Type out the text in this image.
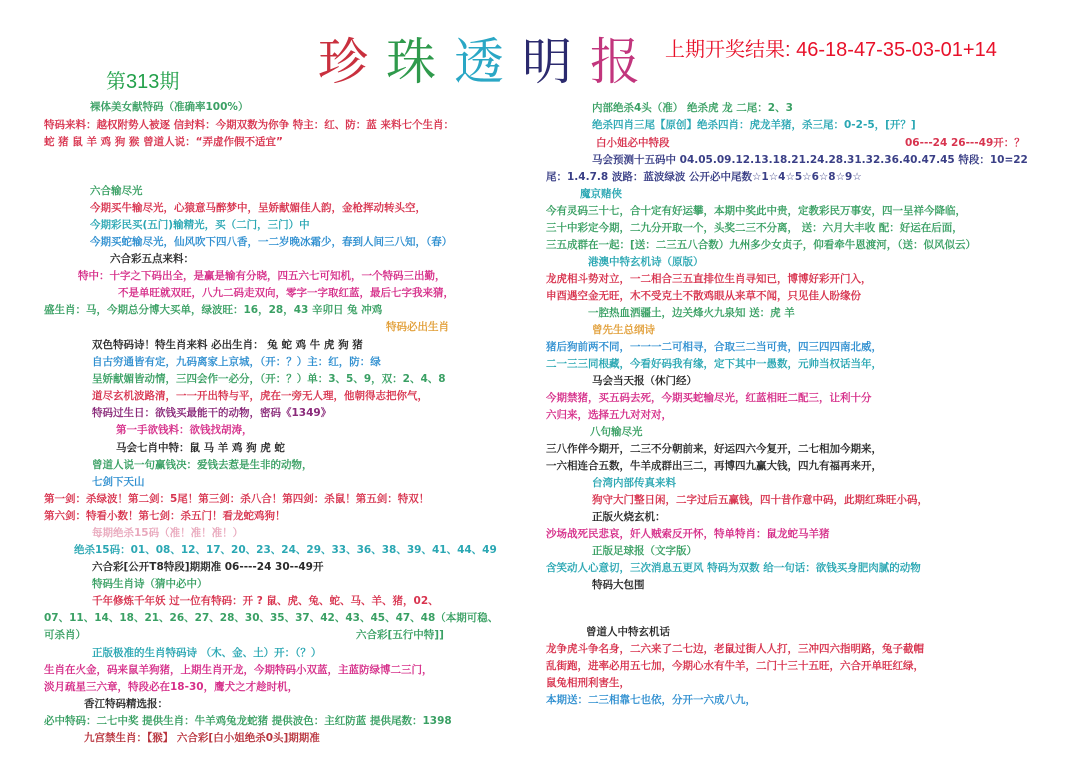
珍珠透明报 上期开奖结果: 46-18-47-35-03-01+14
第313期
裸体美女献特码（准确率100%）
特码来料：越权附势人被逐 信封料：今期双数为你争 特主：红、防：蓝 来料七个生肖：
蛇 猪 鼠 羊 鸡 狗 猴 曾道人说：“弄虚作假不适宜”
六合输尽光
今期买牛输尽光，心猿意马醉梦中，呈娇献媚佳人韵，金枪挥动转头空，
今期彩民买(五门)输精光，买（二门，三门）中
今期买蛇输尽光，仙风吹下四八香，一二岁晚冰霜少，春到人间三八知，（春）
六合彩五点来料：
特中：十字之下码出全，是赢是输有分晓，四五六七可知机，一个特码三出勤，
不是单旺就双旺，八九二码走双向，零字一字取红蓝，最后七字我来猜，
盛生肖：马，今期总分博大买单，绿波旺：16，28，43 辛卯日 兔 冲鸡
特码必出生肖
双色特码诗！特生肖来料 必出生肖： 兔 蛇 鸡 牛 虎 狗 猪
自古穷通皆有定，九码离家上京城，（开：？）主：红，防：绿
呈娇献媚皆动情，三四会作一必分，（开：？）单：3、5、9，双：2、4、8
道尽玄机波路清，一一开出特与平，虎在一旁无人理，他朝得志把你气，
特码过生日：欲钱买最能干的动物，密码《1349》
第一手欲钱料：欲钱找胡涛，
马会七肖中特：鼠 马 羊 鸡 狗 虎 蛇
曾道人说一句赢钱决：爱钱去惹是生非的动物，
七剑下天山
第一剑：杀绿波！第二剑：5尾！第三剑：杀八合！第四剑：杀鼠！第五剑：特双！
第六剑：特看小数！第七剑：杀五门！看龙蛇鸡狗！
每期绝杀15码（准！准！准！）
绝杀15码：01、08、12、17、20、23、24、29、33、36、38、39、41、44、49
六合彩[公开T8特段]期期准 06----24 30--49开
特码生肖诗（猜中必中）
千年修炼千年妖 过一位有特码：开 ? 鼠、虎、兔、蛇、马、羊、猪，02、
07、11、14、18、21、26、27、28、30、35、37、42、43、45、47、48（本期可稳、
可杀肖）	六合彩[五行中特]]
正版极准的生肖特码诗 （木、金、土）开：（？）
生肖在火金，码来鼠羊狗猪，上期生肖开龙，今期特码小双蓝，主蓝防绿博二三门，
淡月疏星三六章，特段必在18-30，鹰犬之才趁时机，
香江特码精选报：
必中特码：二七中奖 提供生肖：牛羊鸡兔龙蛇猪 提供波色：主红防蓝 提供尾数：1398
九宫禁生肖：【猴】 六合彩[白小姐绝杀0头]期期准
内部绝杀4头（准） 绝杀虎 龙 二尾：2、3
绝杀四肖三尾【原创】绝杀四肖：虎龙羊猪，杀三尾：0-2-5，[开？]
白小姐必中特段	06---24 26---49开：？
马会预测十五码中 04.05.09.12.13.18.21.24.28.31.32.36.40.47.45 特段：10=22
尾：1.4.7.8 波路：蓝波绿波 公开必中尾数☆1☆4☆5☆6☆8☆9☆
魔京赌侠
今有灵码三十七，合十定有好运攀，本期中奖此中贵，定教彩民万事安，四一呈祥今降临，
三十中彩定今期，二九分开取一个，头奖二三不分离， 送：六月大丰收 配：好运在后面，
三五成群在一起：[送：二三五八合数）九州多少女贞子，仰看牵牛恩渡河，（送：似风似云）
港澳中特玄机诗（原版）
龙虎相斗势对立，一二相合三五直排位生肖寻知已，博博好彩开门入，
申酉遇空金无旺，木不受克土不散鸡眼从来草不闻，只见佳人盼缘份
一腔热血洒疆土，边关烽火九泉知 送：虎 羊
曾先生总纲诗
猪后狗前两不同，一一一二可相寻，合取三二当可贵，四三四四南北威，
二一三三同根藏，今看好码我有缘，定下其中一愚数，元帅当权话当年，
马会当天报（休门经）
今期禁猪，买五码去死，今期买蛇输尽光，红蓝相旺二配三，让利十分
六归来，选择五九对对对，
八句输尽光
三八作伴今期开，二三不分朝前来，好运四六今复开，二七相加今期来，
一六相连合五数，牛羊成群出三二，再博四九赢大钱，四九有福再来开，
台湾内部传真来料
狗守大门整日闲，二字过后五赢钱，四十昔作意中码，此期红珠旺小码，
正版火烧玄机：
沙场战死民悲哀，奸人贼索反开怀，特单特肖：鼠龙蛇马羊猪
正版足球报（文字版）
含笑动人心意切，三次消息五更风 特码为双数 给一句话：欲钱买身肥肉腻的动物
特码大包围
曾道人中特玄机话
龙争虎斗争名身，二六来了二七边，老鼠过街人人打，三冲四六指明路，兔子截帽
乱街跑，进率必用五七加，今期心水有牛羊，二门十三十五旺，六合开单旺红绿，
鼠兔相刑利害生，
本期送：二三相靠七也依，分开一六成八九，
